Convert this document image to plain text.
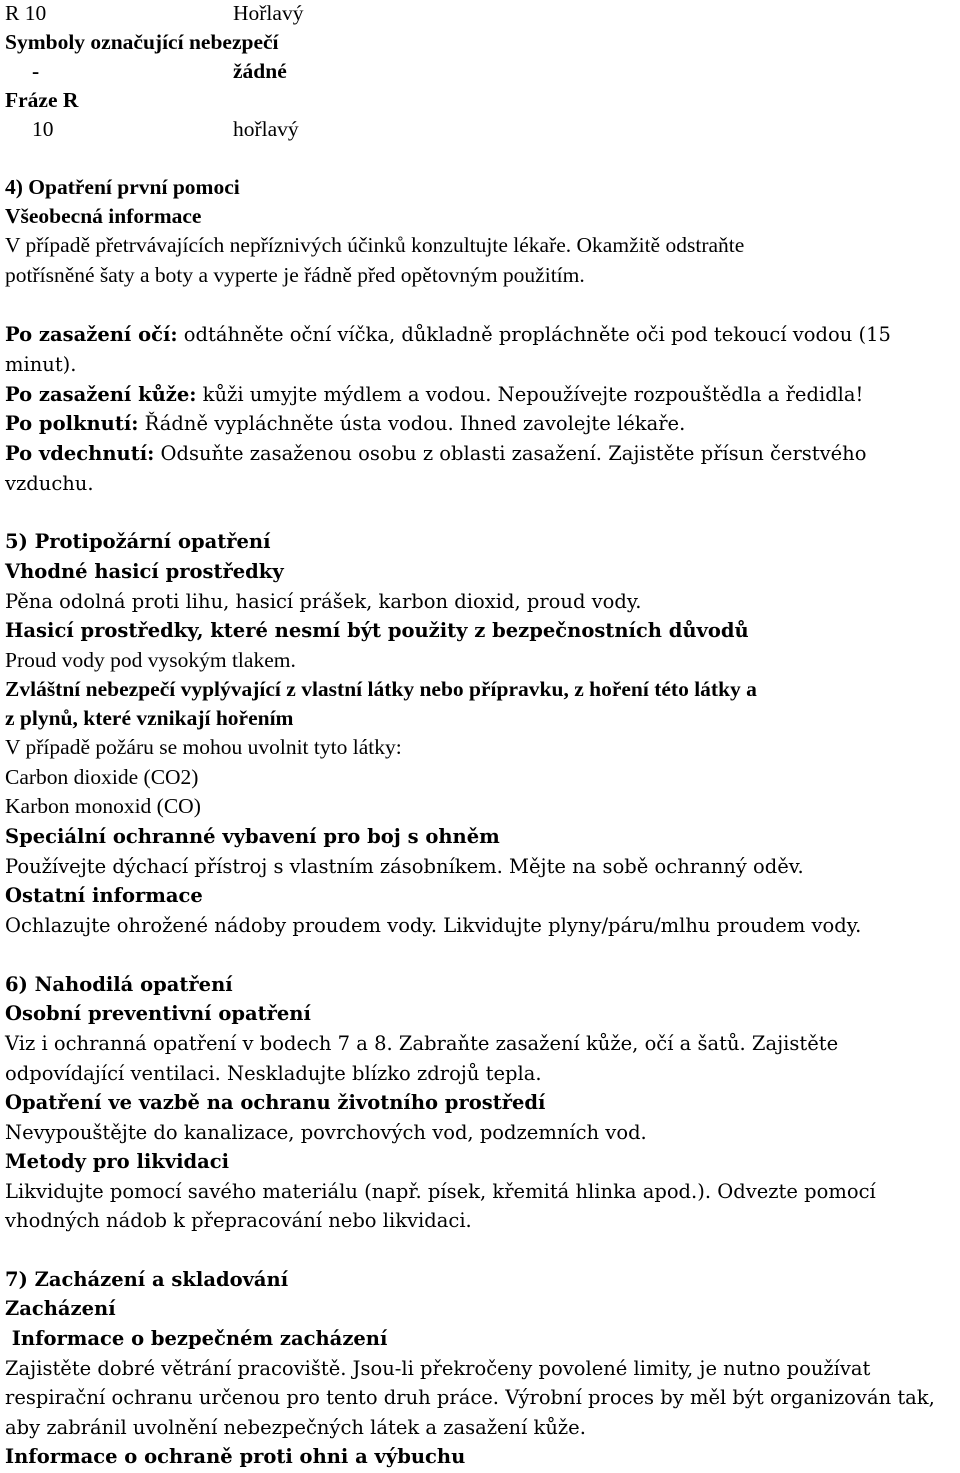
R 10	Hořlavý
Symboly označující nebezpečí
-	žádné
Fráze R
10	hořlavý
4) Opatření první pomoci
Všeobecná informace
V případě přetrvávajících nepříznivých účinků konzultujte lékaře. Okamžitě odstraňte
potřísněné šaty a boty a vyperte je řádně před opětovným použitím.
Po zasažení očí: odtáhněte oční víčka, důkladně propláchněte oči pod tekoucí vodou (15
minut).
Po zasažení kůže: kůži umyjte mýdlem a vodou. Nepoužívejte rozpouštědla a ředidla!
Po polknutí: Řádně vypláchněte ústa vodou. Ihned zavolejte lékaře.
Po vdechnutí: Odsuňte zasaženou osobu z oblasti zasažení. Zajistěte přísun čerstvého
vzduchu.
5) Protipožární opatření
Vhodné hasicí prostředky
Pěna odolná proti lihu, hasicí prášek, karbon dioxid, proud vody.
Hasicí prostředky, které nesmí být použity z bezpečnostních důvodů
Proud vody pod vysokým tlakem.
Zvláštní nebezpečí vyplývající z vlastní látky nebo přípravku, z hoření této látky a
z plynů, které vznikají hořením
V případě požáru se mohou uvolnit tyto látky:
Carbon dioxide (CO2)
Karbon monoxid (CO)
Speciální ochranné vybavení pro boj s ohněm
Používejte dýchací přístroj s vlastním zásobníkem. Mějte na sobě ochranný oděv.
Ostatní informace
Ochlazujte ohrožené nádoby proudem vody. Likvidujte plyny/páru/mlhu proudem vody.
6) Nahodilá opatření
Osobní preventivní opatření
Viz i ochranná opatření v bodech 7 a 8. Zabraňte zasažení kůže, očí a šatů. Zajistěte
odpovídající ventilaci. Neskladujte blízko zdrojů tepla.
Opatření ve vazbě na ochranu životního prostředí
Nevypouštějte do kanalizace, povrchových vod, podzemních vod.
Metody pro likvidaci
Likvidujte pomocí savého materiálu (např. písek, křemitá hlinka apod.). Odvezte pomocí
vhodných nádob k přepracování nebo likvidaci.
7) Zacházení a skladování
Zacházení
Informace o bezpečném zacházení
Zajistěte dobré větrání pracoviště. Jsou-li překročeny povolené limity, je nutno používat
respirační ochranu určenou pro tento druh práce. Výrobní proces by měl být organizován tak,
aby zabránil uvolnění nebezpečných látek a zasažení kůže.
Informace o ochraně proti ohni a výbuchu
